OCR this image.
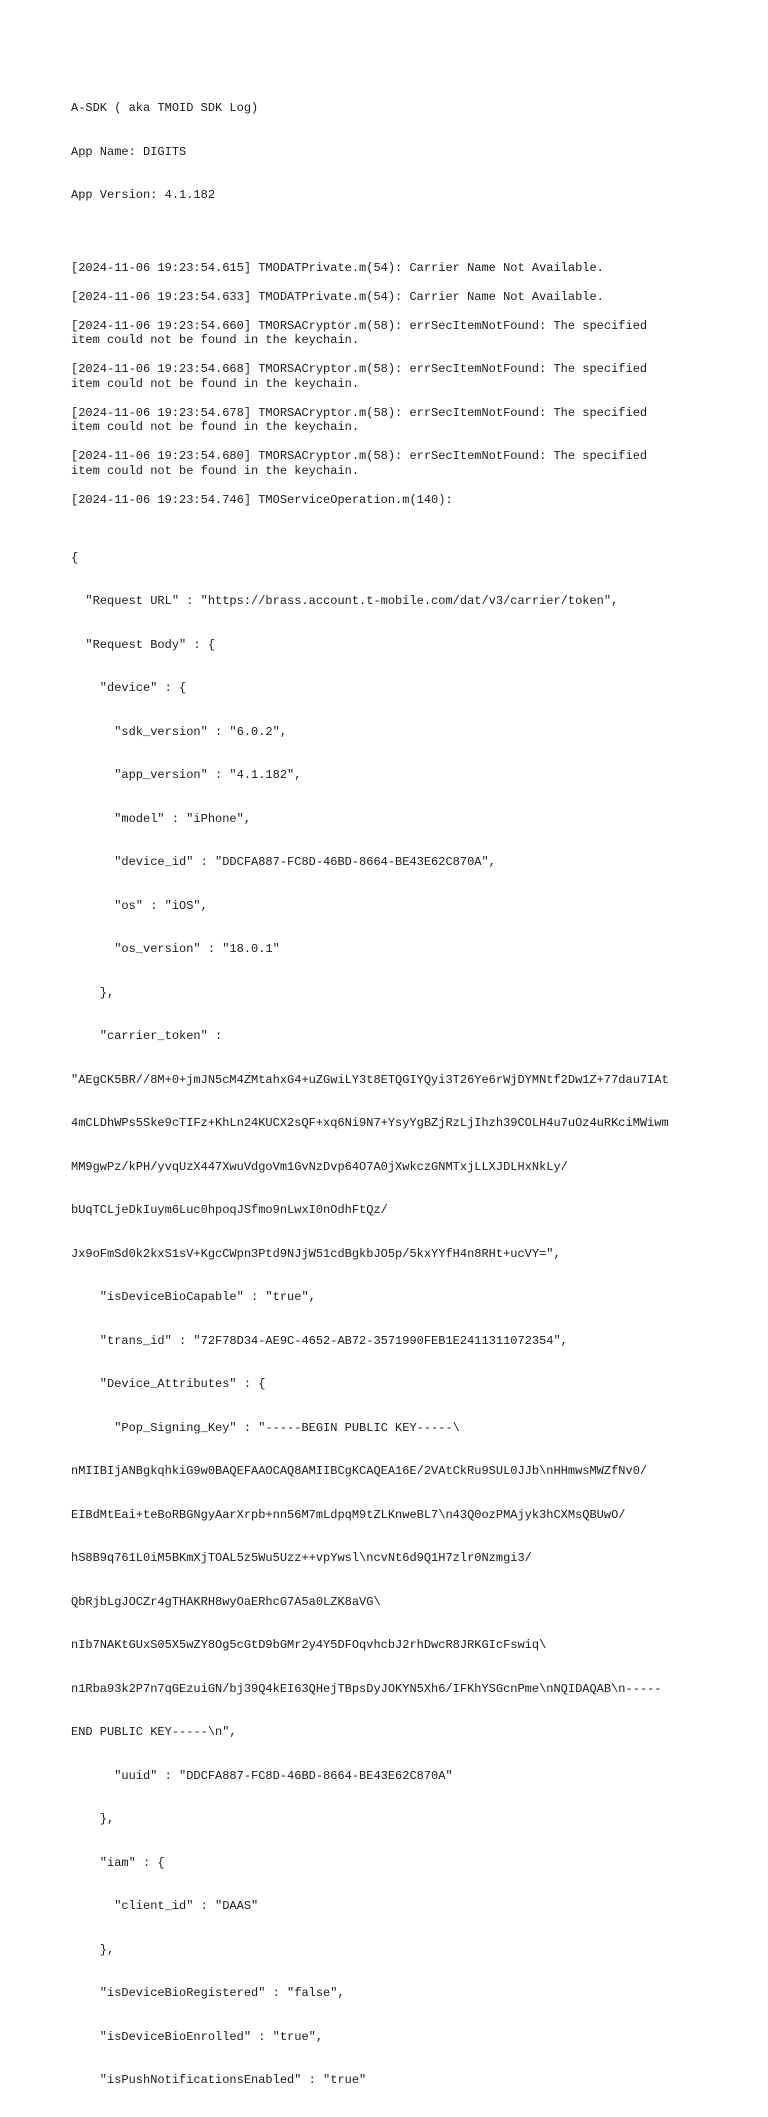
A-SDK ( aka TMOID SDK Log)

App Name: DIGITS

App Version: 4.1.182

[2024-11-06 19:23:54.615] TMODATPrivate.m(54): Carrier Name Not Available.
[2024-11-06 19:23:54.633] TMODATPrivate.m(54): Carrier Name Not Available.
[2024-11-06 19:23:54.660] TMORSACryptor.m(58): errSecItemNotFound: The specified
item could not be found in the keychain.
[2024-11-06 19:23:54.668] TMORSACryptor.m(58): errSecItemNotFound: The specified
item could not be found in the keychain.
[2024-11-06 19:23:54.678] TMORSACryptor.m(58): errSecItemNotFound: The specified
item could not be found in the keychain.
[2024-11-06 19:23:54.680] TMORSACryptor.m(58): errSecItemNotFound: The specified
item could not be found in the keychain.
[2024-11-06 19:23:54.746] TMOServiceOperation.m(140):

{

"Request URL" : "https://brass.account.t-mobile.com/dat/v3/carrier/token",

"Request Body" : {

"device" : {

"sdk_version" : "6.0.2",

"app_version" : "4.1.182",

"model" : "iPhone",

"device_id" : "DDCFA887-FC8D-46BD-8664-BE43E62C870A",

"os" : "iOS",

"os_version" : "18.0.1"

},

"carrier_token" :

"AEgCK5BR//8M+0+jmJN5cM4ZMtahxG4+uZGwiLY3t8ETQGIYQyi3T26Ye6rWjDYMNtf2Dw1Z+77dau7IAt

4mCLDhWPs5Ske9cTIFz+KhLn24KUCX2sQF+xq6Ni9N7+YsyYgBZjRzLjIhzh39COLH4u7uOz4uRKciMWiwm

MM9gwPz/kPH/yvqUzX447XwuVdgoVm1GvNzDvp64O7A0jXwkczGNMTxjLLXJDLHxNkLy/

bUqTCLjeDkIuym6Luc0hpoqJSfmo9nLwxI0nOdhFtQz/

Jx9oFmSd0k2kxS1sV+KgcCWpn3Ptd9NJjW51cdBgkbJO5p/5kxYYfH4n8RHt+ucVY=",

"isDeviceBioCapable" : "true",

"trans_id" : "72F78D34-AE9C-4652-AB72-3571990FEB1E2411311072354",

"Device_Attributes" : {

"Pop_Signing_Key" : "-----BEGIN PUBLIC KEY-----\

nMIIBIjANBgkqhkiG9w0BAQEFAAOCAQ8AMIIBCgKCAQEA16E/2VAtCkRu9SUL0JJb\nHHmwsMWZfNv0/

EIBdMtEai+teBoRBGNgyAarXrpb+nn56M7mLdpqM9tZLKnweBL7\n43Q0ozPMAjyk3hCXMsQBUwO/

hS8B9q761L0iM5BKmXjTOAL5z5Wu5Uzz++vpYwsl\ncvNt6d9Q1H7zlr0Nzmgi3/

QbRjbLgJOCZr4gTHAKRH8wyOaERhcG7A5a0LZK8aVG\

nIb7NAKtGUxS05X5wZY8Og5cGtD9bGMr2y4Y5DFOqvhcbJ2rhDwcR8JRKGIcFswiq\

n1Rba93k2P7n7qGEzuiGN/bj39Q4kEI63QHejTBpsDyJOKYN5Xh6/IFKhYSGcnPme\nNQIDAQAB\n-----

END PUBLIC KEY-----\n",

"uuid" : "DDCFA887-FC8D-46BD-8664-BE43E62C870A"

},

"iam" : {

"client_id" : "DAAS"

},

"isDeviceBioRegistered" : "false",

"isDeviceBioEnrolled" : "true",

"isPushNotificationsEnabled" : "true"
